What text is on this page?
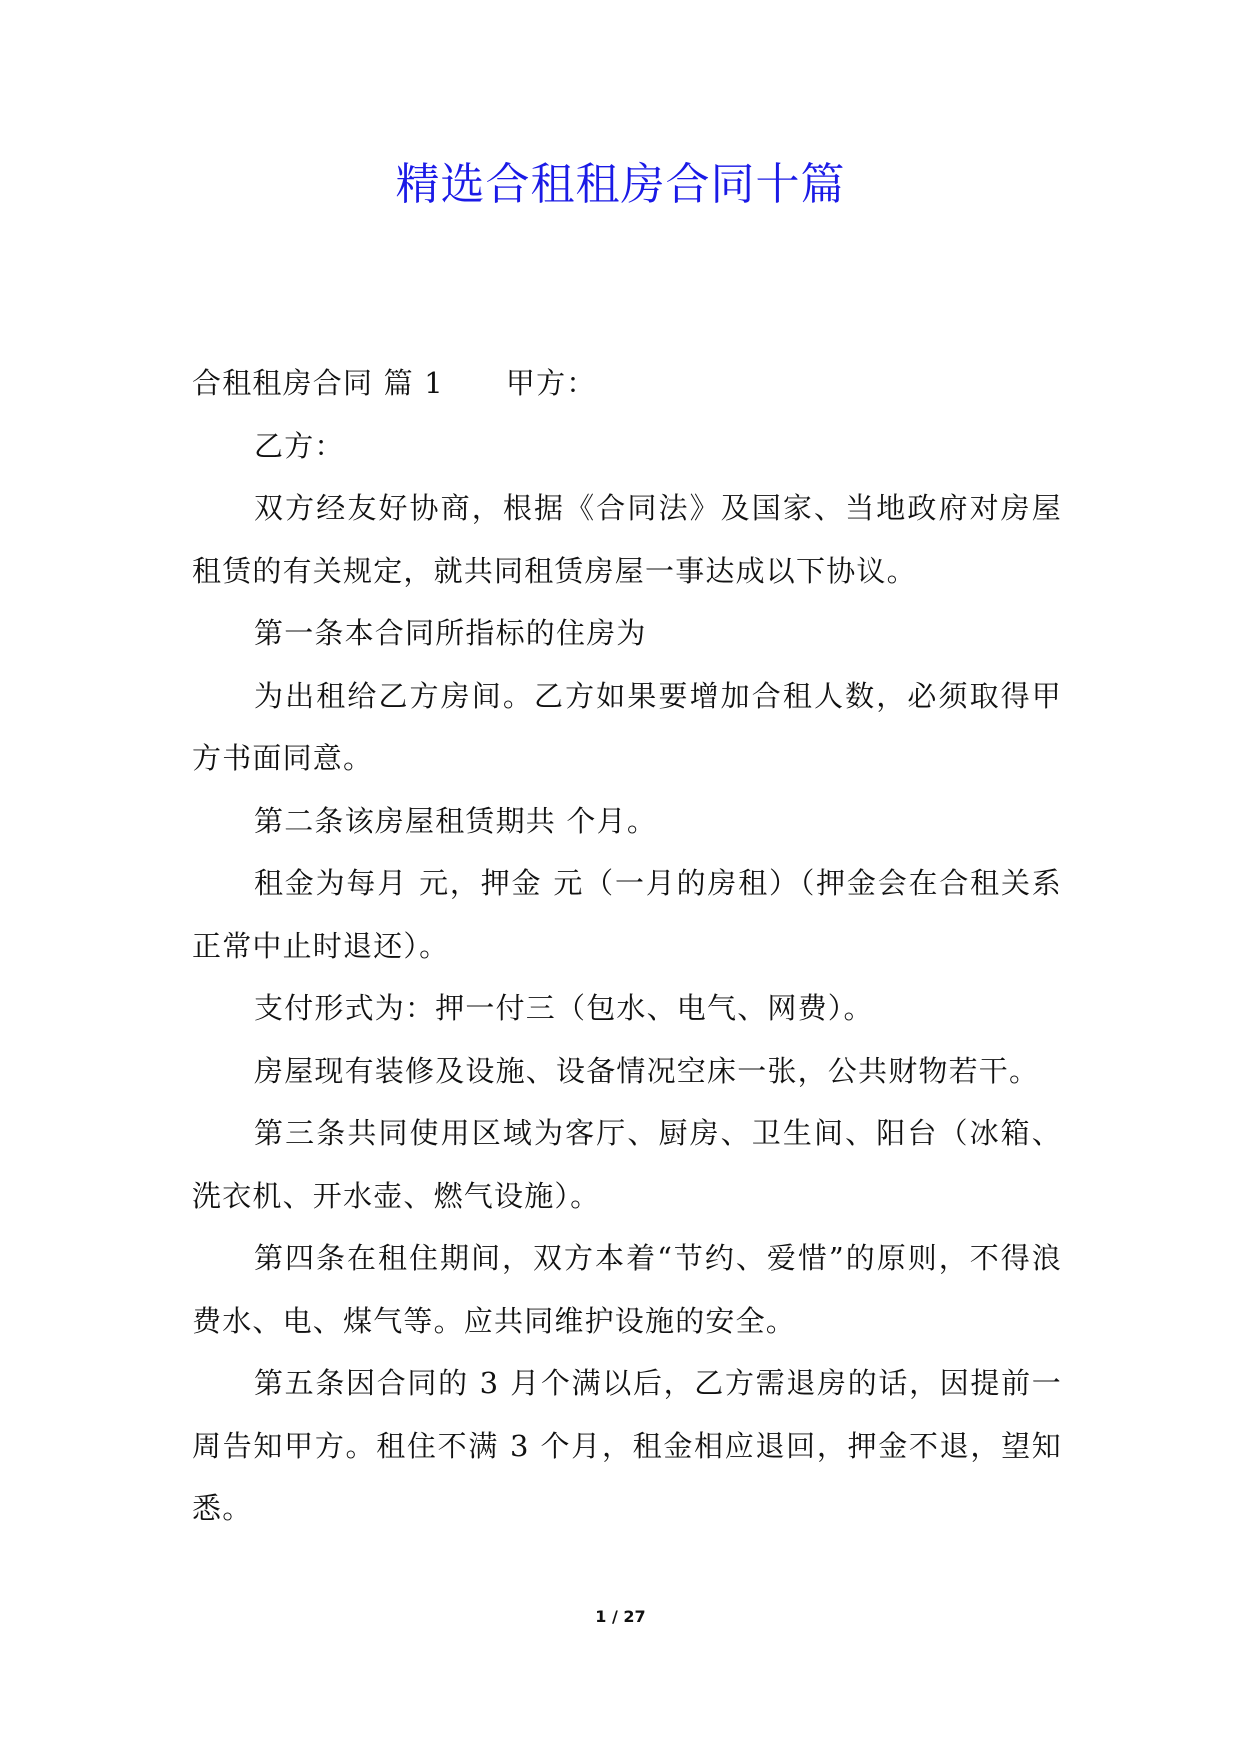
精选合租租房合同十篇

合租租房合同 篇 1 甲方：

乙方：

双方经友好协商，根据《合同法》及国家、当地政府对房屋租赁的有关规定，就共同租赁房屋一事达成以下协议。

第一条本合同所指标的住房为

为出租给乙方房间。乙方如果要增加合租人数，必须取得甲方书面同意。

第二条该房屋租赁期共 个月。

租金为每月 元，押金 元（一月的房租）（押金会在合租关系正常中止时退还）。

支付形式为：押一付三（包水、电气、网费）。

房屋现有装修及设施、设备情况空床一张，公共财物若干。

第三条共同使用区域为客厅、厨房、卫生间、阳台（冰箱、洗衣机、开水壶、燃气设施）。

第四条在租住期间，双方本着“节约、爱惜”的原则，不得浪费水、电、煤气等。应共同维护设施的安全。

第五条因合同的 3 月个满以后，乙方需退房的话，因提前一周告知甲方。租住不满 3 个月，租金相应退回，押金不退，望知悉。

1 / 27
